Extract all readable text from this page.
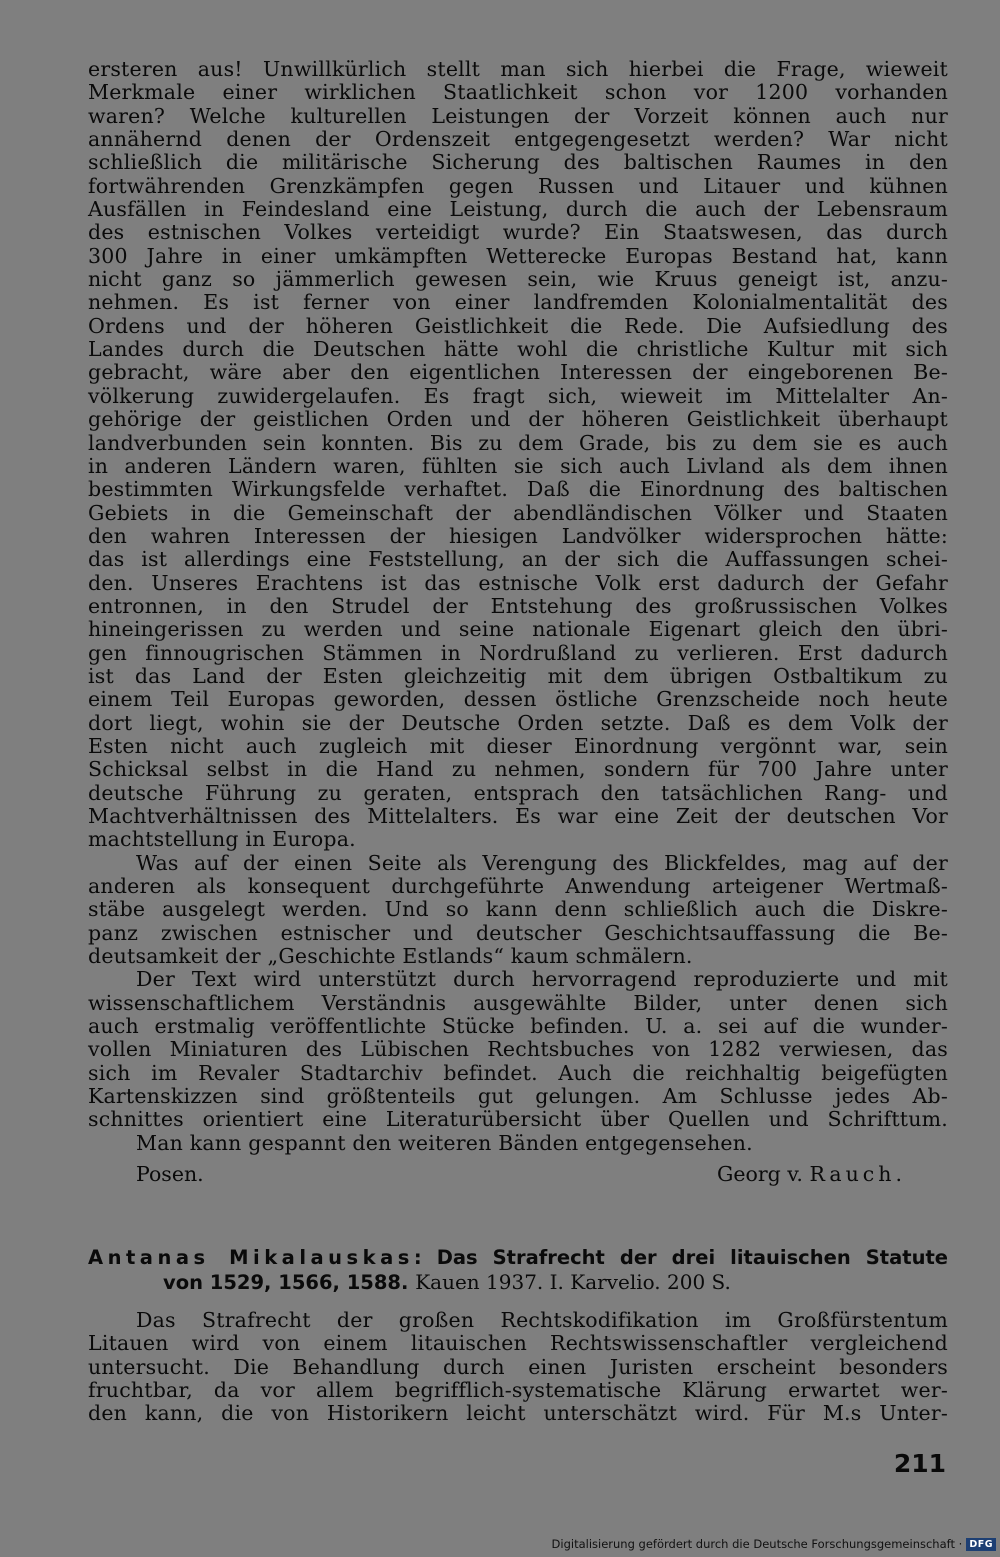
ersteren aus! Unwillkürlich stellt man sich hierbei die Frage, wieweit
Merkmale einer wirklichen Staatlichkeit schon vor 1200 vorhanden
waren? Welche kulturellen Leistungen der Vorzeit können auch nur
annähernd denen der Ordenszeit entgegengesetzt werden? War nicht
schließlich die militärische Sicherung des baltischen Raumes in den
fortwährenden Grenzkämpfen gegen Russen und Litauer und kühnen
Ausfällen in Feindesland eine Leistung, durch die auch der Lebensraum
des estnischen Volkes verteidigt wurde? Ein Staatswesen, das durch
300 Jahre in einer umkämpften Wetterecke Europas Bestand hat, kann
nicht ganz so jämmerlich gewesen sein, wie Kruus geneigt ist, anzu-
nehmen. Es ist ferner von einer landfremden Kolonialmentalität des
Ordens und der höheren Geistlichkeit die Rede. Die Aufsiedlung des
Landes durch die Deutschen hätte wohl die christliche Kultur mit sich
gebracht, wäre aber den eigentlichen Interessen der eingeborenen Be-
völkerung zuwidergelaufen. Es fragt sich, wieweit im Mittelalter An-
gehörige der geistlichen Orden und der höheren Geistlichkeit überhaupt
landverbunden sein konnten. Bis zu dem Grade, bis zu dem sie es auch
in anderen Ländern waren, fühlten sie sich auch Livland als dem ihnen
bestimmten Wirkungsfelde verhaftet. Daß die Einordnung des baltischen
Gebiets in die Gemeinschaft der abendländischen Völker und Staaten
den wahren Interessen der hiesigen Landvölker widersprochen hätte:
das ist allerdings eine Feststellung, an der sich die Auffassungen schei-
den. Unseres Erachtens ist das estnische Volk erst dadurch der Gefahr
entronnen, in den Strudel der Entstehung des großrussischen Volkes
hineingerissen zu werden und seine nationale Eigenart gleich den übri-
gen finnougrischen Stämmen in Nordrußland zu verlieren. Erst dadurch
ist das Land der Esten gleichzeitig mit dem übrigen Ostbaltikum zu
einem Teil Europas geworden, dessen östliche Grenzscheide noch heute
dort liegt, wohin sie der Deutsche Orden setzte. Daß es dem Volk der
Esten nicht auch zugleich mit dieser Einordnung vergönnt war, sein
Schicksal selbst in die Hand zu nehmen, sondern für 700 Jahre unter
deutsche Führung zu geraten, entsprach den tatsächlichen Rang- und
Machtverhältnissen des Mittelalters. Es war eine Zeit der deutschen Vor
machtstellung in Europa.
Was auf der einen Seite als Verengung des Blickfeldes, mag auf der
anderen als konsequent durchgeführte Anwendung arteigener Wertmaß-
stäbe ausgelegt werden. Und so kann denn schließlich auch die Diskre-
panz zwischen estnischer und deutscher Geschichtsauffassung die Be-
deutsamkeit der „Geschichte Estlands“ kaum schmälern.
Der Text wird unterstützt durch hervorragend reproduzierte und mit
wissenschaftlichem Verständnis ausgewählte Bilder, unter denen sich
auch erstmalig veröffentlichte Stücke befinden. U. a. sei auf die wunder-
vollen Miniaturen des Lübischen Rechtsbuches von 1282 verwiesen, das
sich im Revaler Stadtarchiv befindet. Auch die reichhaltig beigefügten
Kartenskizzen sind größtenteils gut gelungen. Am Schlusse jedes Ab-
schnittes orientiert eine Literaturübersicht über Quellen und Schrifttum.
Man kann gespannt den weiteren Bänden entgegensehen.
Posen.	Georg v. Rauch.
Antanas Mikalauskas: Das Strafrecht der drei litauischen Statute
von 1529, 1566, 1588. Kauen 1937. I. Karvelio. 200 S.
Das Strafrecht der großen Rechtskodifikation im Großfürstentum
Litauen wird von einem litauischen Rechtswissenschaftler vergleichend
untersucht. Die Behandlung durch einen Juristen erscheint besonders
fruchtbar, da vor allem begrifflich-systematische Klärung erwartet wer-
den kann, die von Historikern leicht unterschätzt wird. Für M.s Unter-
211
Digitalisierung gefördert durch die Deutsche Forschungsgemeinschaft · DFG
